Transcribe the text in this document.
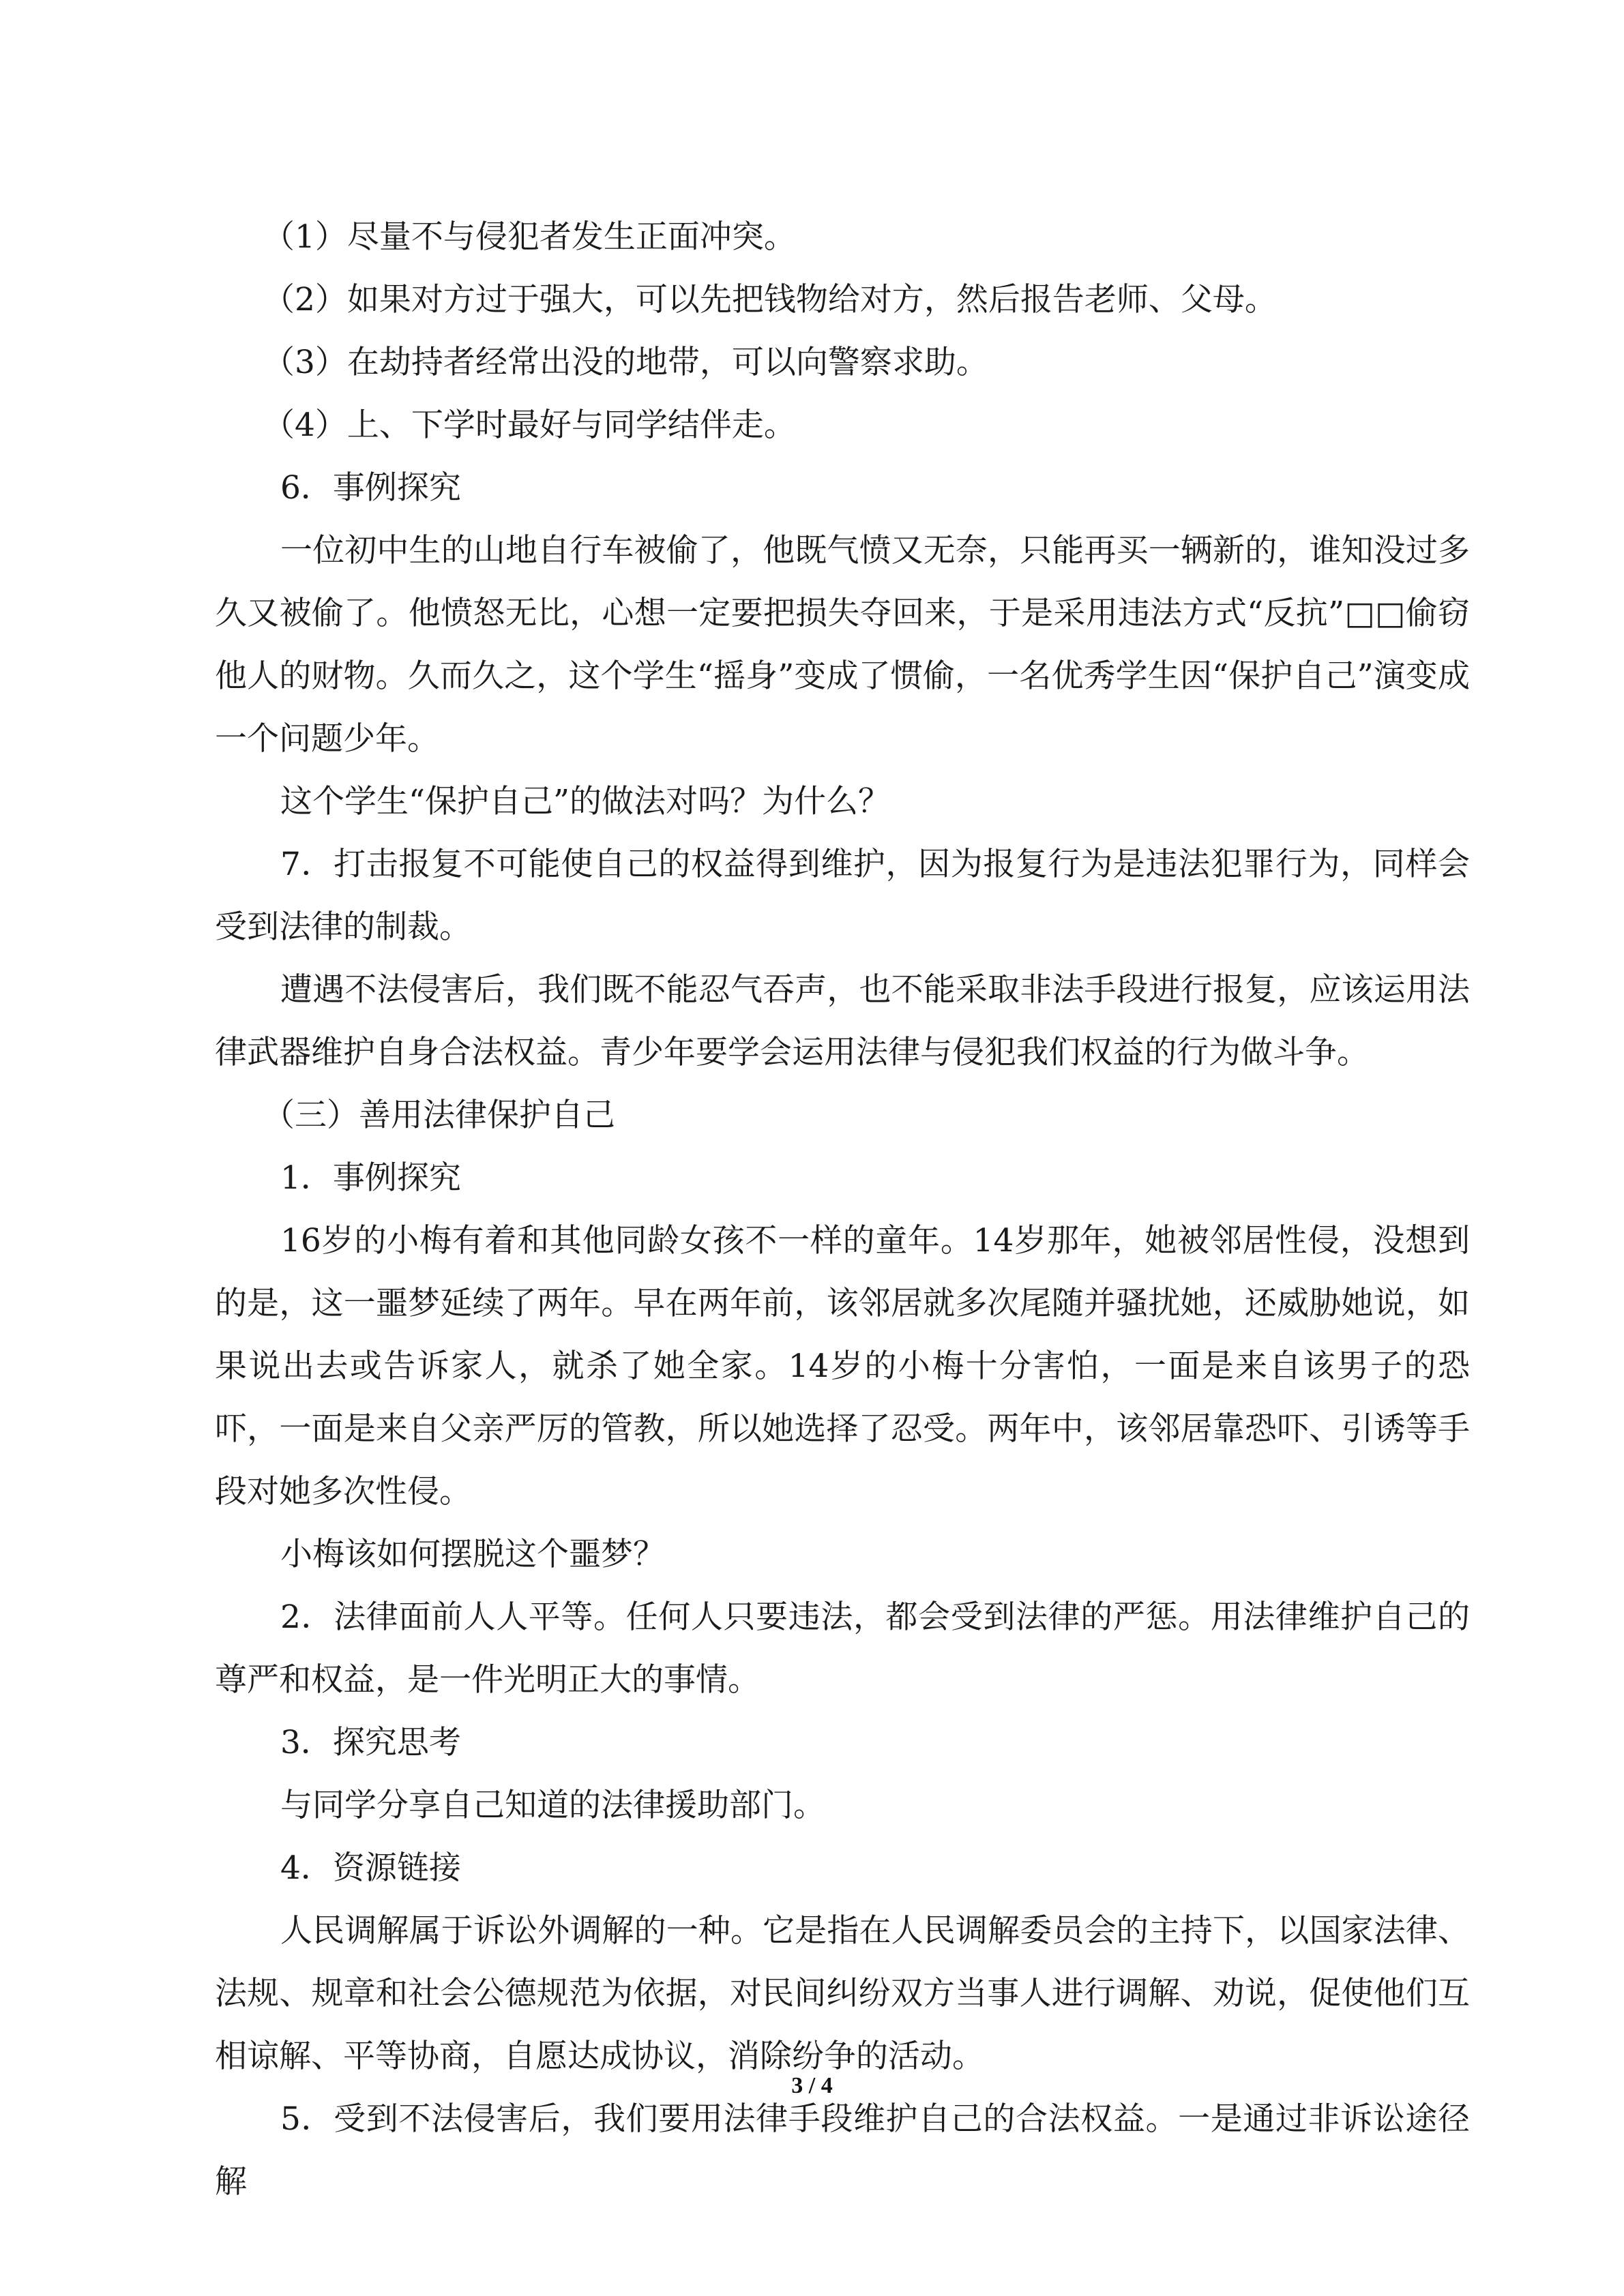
（1）尽量不与侵犯者发生正面冲突。

（2）如果对方过于强大，可以先把钱物给对方，然后报告老师、父母。

（3）在劫持者经常出没的地带，可以向警察求助。

（4）上、下学时最好与同学结伴走。

6．事例探究

一位初中生的山地自行车被偷了，他既气愤又无奈，只能再买一辆新的，谁知没过多久又被偷了。他愤怒无比，心想一定要把损失夺回来，于是采用违法方式“反抗”□□偷窃他人的财物。久而久之，这个学生“摇身”变成了惯偷，一名优秀学生因“保护自己”演变成一个问题少年。

这个学生“保护自己”的做法对吗？为什么？

7．打击报复不可能使自己的权益得到维护，因为报复行为是违法犯罪行为，同样会受到法律的制裁。

遭遇不法侵害后，我们既不能忍气吞声，也不能采取非法手段进行报复，应该运用法律武器维护自身合法权益。青少年要学会运用法律与侵犯我们权益的行为做斗争。

（三）善用法律保护自己

1．事例探究

16岁的小梅有着和其他同龄女孩不一样的童年。14岁那年，她被邻居性侵，没想到的是，这一噩梦延续了两年。早在两年前，该邻居就多次尾随并骚扰她，还威胁她说，如果说出去或告诉家人，就杀了她全家。14岁的小梅十分害怕，一面是来自该男子的恐吓，一面是来自父亲严厉的管教，所以她选择了忍受。两年中，该邻居靠恐吓、引诱等手段对她多次性侵。

小梅该如何摆脱这个噩梦？

2．法律面前人人平等。任何人只要违法，都会受到法律的严惩。用法律维护自己的尊严和权益，是一件光明正大的事情。

3．探究思考

与同学分享自己知道的法律援助部门。

4．资源链接

人民调解属于诉讼外调解的一种。它是指在人民调解委员会的主持下，以国家法律、法规、规章和社会公德规范为依据，对民间纠纷双方当事人进行调解、劝说，促使他们互相谅解、平等协商，自愿达成协议，消除纷争的活动。

5．受到不法侵害后，我们要用法律手段维护自己的合法权益。一是通过非诉讼途径解

3 / 4
